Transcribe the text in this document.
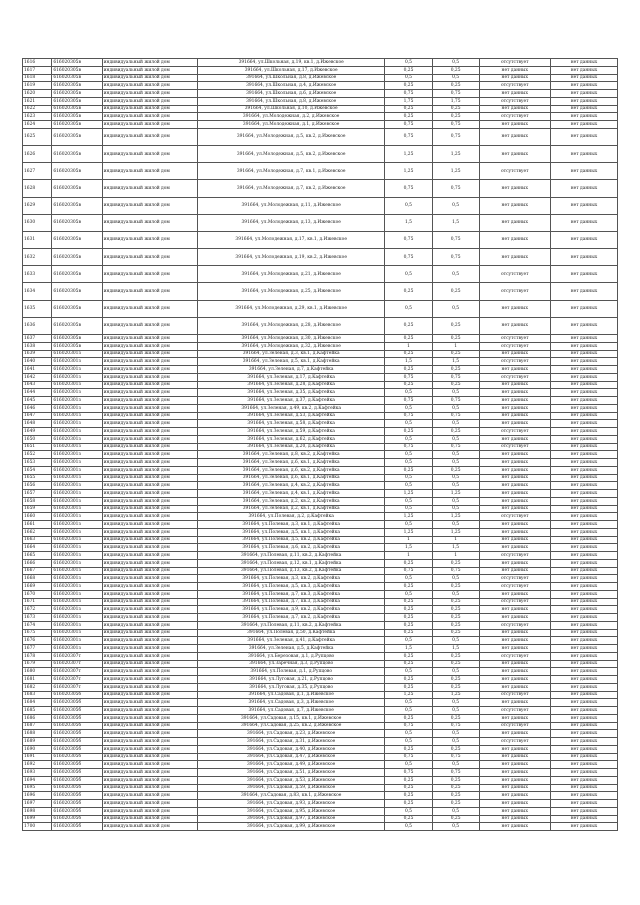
1616	616020305в	индивидуальный жилой дом	391664, ул.Школьная, д.19, кв.1, д.Ижевское	0,5	0,5	отсутствует	нет данных
1617	616020305в	индивидуальный жилой дом	391664, ул.Школьная, д.17, д.Ижевское	0,25	0,25	нет данных	нет данных
1618	616020305в	индивидуальный жилой дом	391664, ул.Школьная, д.8, д.Ижевское	0,5	0,5	нет данных	нет данных
1619	616020305в	индивидуальный жилой дом	391664, ул.Школьная, д.4, д.Ижевское	0,25	0,25	отсутствует	нет данных
1620	616020305в	индивидуальный жилой дом	391664, ул.Школьная, д.6, д.Ижевское	0,75	0,75	нет данных	нет данных
1621	616020305в	индивидуальный жилой дом	391664, ул.Школьная, д.8, д.Ижевское	1,75	1,75	отсутствует	нет данных
1622	616020305в	индивидуальный жилой дом	391664, ул.Школьная, д.10, д.Ижевское	0,25	0,25	нет данных	нет данных
1623	616020305в	индивидуальный жилой дом	391664, ул.Молодежная, д.2, д.Ижевское	0,25	0,25	отсутствует	нет данных
1624	616020305в	индивидуальный жилой дом	391664, ул.Молодежная, д.1, д.Ижевское	0,75	0,75	нет данных	нет данных
1625	616020305в	индивидуальный жилой дом	391664, ул.Молодежная, д.5, кв.2, д.Ижевское	0,75	0,75	нет данных	нет данных
1626	616020305в	индивидуальный жилой дом	391664, ул.Молодежная, д.5, кв.2, д.Ижевское	1,25	1,25	нет данных	нет данных
1627	616020305в	индивидуальный жилой дом	391664, ул.Молодежная, д.7, кв.1, д.Ижевское	1,25	1,25	отсутствует	нет данных
1628	616020305в	индивидуальный жилой дом	391664, ул.Молодежная, д.7, кв.2, д.Ижевское	0,75	0,75	нет данных	нет данных
1629	616020305в	индивидуальный жилой дом	391664, ул.Молодежная, д.11, д.Ижевское	0,5	0,5	нет данных	нет данных
1630	616020305в	индивидуальный жилой дом	391664, ул.Молодежная, д.13, д.Ижевское	1,5	1,5	нет данных	нет данных
1631	616020305в	индивидуальный жилой дом	391664, ул.Молодежная, д.17, кв.1, д.Ижевское	0,75	0,75	нет данных	нет данных
1632	616020305в	индивидуальный жилой дом	391664, ул.Молодежная, д.19, кв.2, д.Ижевское	0,75	0,75	нет данных	нет данных
1633	616020305в	индивидуальный жилой дом	391664, ул.Молодежная, д.21, д.Ижевское	0,5	0,5	отсутствует	нет данных
1634	616020305в	индивидуальный жилой дом	391664, ул.Молодежная, д.25, д.Ижевское	0,25	0,25	отсутствует	нет данных
1635	616020305в	индивидуальный жилой дом	391664, ул.Молодежная, д.29, кв.1, д.Ижевское	0,5	0,5	нет данных	нет данных
1636	616020305в	индивидуальный жилой дом	391664, ул.Молодежная, д.28, д.Ижевское	0,25	0,25	нет данных	нет данных
1637	616020305в	индивидуальный жилой дом	391664, ул.Молодежная, д.30, д.Ижевское	0,25	0,25	отсутствует	нет данных
1638	616020305в	индивидуальный жилой дом	391664, ул.Молодежная, д.32, д.Ижевское	1	1	отсутствует	нет данных
1639	616020301з	индивидуальный жилой дом	391664, ул.Зеленая, д.3, кв.1, д.Кафтейка	0,25	0,25	нет данных	нет данных
1640	616020301з	индивидуальный жилой дом	391664, ул.Зеленая, д.5, кв.1, д.Кафтейка	1,5	1,5	отсутствует	нет данных
1641	616020301з	индивидуальный жилой дом	391664, ул.Зеленая, д.7, д.Кафтейка	0,25	0,25	нет данных	нет данных
1642	616020301з	индивидуальный жилой дом	391664, ул.Зеленая, д.17, д.Кафтейка	0,75	0,75	отсутствует	нет данных
1643	616020301з	индивидуальный жилой дом	391664, ул.Зеленая, д.28, д.Кафтейка	0,25	0,25	нет данных	нет данных
1644	616020301з	индивидуальный жилой дом	391664, ул.Зеленая, д.35, д.Кафтейка	0,5	0,5	нет данных	нет данных
1645	616020301з	индивидуальный жилой дом	391664, ул.Зеленая, д.37, д.Кафтейка	0,75	0,75	нет данных	нет данных
1646	616020301з	индивидуальный жилой дом	391664, ул.Зеленая, д.49, кв.2, д.Кафтейка	0,5	0,5	нет данных	нет данных
1647	616020301з	индивидуальный жилой дом	391664, ул.Зеленая, д.53, д.Кафтейка	0,75	0,75	нет данных	нет данных
1648	616020301з	индивидуальный жилой дом	391664, ул.Зеленая, д.58, д.Кафтейка	0,5	0,5	нет данных	нет данных
1649	616020301з	индивидуальный жилой дом	391664, ул.Зеленая, д.59, д.Кафтейка	0,25	0,25	отсутствует	нет данных
1650	616020301з	индивидуальный жилой дом	391664, ул.Зеленая, д.62, д.Кафтейка	0,5	0,5	нет данных	нет данных
1651	616020301з	индивидуальный жилой дом	391664, ул.Зеленая, д.20, д.Кафтейка	0,75	0,75	отсутствует	нет данных
1652	616020301з	индивидуальный жилой дом	391664, ул.Зеленая, д.8, кв.2, д.Кафтейка	0,5	0,5	нет данных	нет данных
1653	616020301з	индивидуальный жилой дом	391664, ул.Зеленая, д.6, кв.1, д.Кафтейка	0,5	0,5	нет данных	нет данных
1654	616020301з	индивидуальный жилой дом	391664, ул.Зеленая, д.6, кв.2, д.Кафтейка	0,25	0,25	нет данных	нет данных
1655	616020301з	индивидуальный жилой дом	391664, ул.Зеленая, д.6, кв.1, д.Кафтейка	0,5	0,5	нет данных	нет данных
1656	616020301з	индивидуальный жилой дом	391664, ул.Зеленая, д.4, кв.2, д.Кафтейка	0,5	0,5	нет данных	нет данных
1657	616020301з	индивидуальный жилой дом	391664, ул.Зеленая, д.4, кв.1, д.Кафтейка	1,25	1,25	нет данных	нет данных
1658	616020301з	индивидуальный жилой дом	391664, ул.Зеленая, д.2, кв.2, д.Кафтейка	0,5	0,5	нет данных	нет данных
1659	616020301з	индивидуальный жилой дом	391664, ул.Зеленая, д.2, кв.1, д.Кафтейка	0,5	0,5	нет данных	нет данных
1660	616020301з	индивидуальный жилой дом	391664, ул.Полевая, д.2, д.Кафтейка	1,25	1,25	отсутствует	нет данных
1661	616020301з	индивидуальный жилой дом	391664, ул.Полевая, д.3, кв.1, д.Кафтейка	0,5	0,5	нет данных	нет данных
1662	616020301з	индивидуальный жилой дом	391664, ул.Полевая, д.5, кв.1, д.Кафтейка	1,25	1,25	нет данных	нет данных
1663	616020301з	индивидуальный жилой дом	391664, ул.Полевая, д.5, кв.2, д.Кафтейка	1	1	нет данных	нет данных
1664	616020301з	индивидуальный жилой дом	391664, ул.Полевая, д.6, кв.2, д.Кафтейка	1,5	1,5	нет данных	нет данных
1665	616020301з	индивидуальный жилой дом	391664, ул.Полевая, д.11, кв.2, д.Кафтейка	1	1	отсутствует	нет данных
1666	616020301з	индивидуальный жилой дом	391664, ул.Полевая, д.12, кв.1, д.Кафтейка	0,25	0,25	нет данных	нет данных
1667	616020301з	индивидуальный жилой дом	391664, ул.Полевая, д.13, кв.2, д.Кафтейка	0,75	0,75	нет данных	нет данных
1668	616020301з	индивидуальный жилой дом	391664, ул.Полевая, д.3, кв.2, д.Кафтейка	0,5	0,5	отсутствует	нет данных
1669	616020301з	индивидуальный жилой дом	391664, ул.Полевая, д.5, кв.3, д.Кафтейка	0,25	0,25	отсутствует	нет данных
1670	616020301з	индивидуальный жилой дом	391664, ул.Полевая, д.7, кв.3, д.Кафтейка	0,5	0,5	нет данных	нет данных
1671	616020301з	индивидуальный жилой дом	391664, ул.Полевая, д.7, кв.3, д.Кафтейка	0,25	0,25	отсутствует	нет данных
1672	616020301з	индивидуальный жилой дом	391664, ул.Полевая, д.9, кв.2, д.Кафтейка	0,25	0,25	нет данных	нет данных
1673	616020301з	индивидуальный жилой дом	391664, ул.Полевая, д.7, кв.2, д.Кафтейка	0,25	0,25	нет данных	нет данных
1674	616020301з	индивидуальный жилой дом	391664, ул.Полевая, д.11, кв.2, д.Кафтейка	0,25	0,25	отсутствует	нет данных
1675	616020301з	индивидуальный жилой дом	391664, ул.Полевая, д.50, д.Кафтейка	0,25	0,25	нет данных	нет данных
1676	616020301з	индивидуальный жилой дом	391664, ул.Зеленая, д.41, д.Кафтейка	0,5	0,5	нет данных	нет данных
1677	616020301з	индивидуальный жилой дом	391664, ул.Зеленая, д.5, д.Кафтейка	1,5	1,5	нет данных	нет данных
1678	616020307т	индивидуальный жилой дом	391664, ул.Березовая, д.1, д.Рупцово	0,25	0,25	отсутствует	нет данных
1679	616020307т	индивидуальный жилой дом	391664, ул.Заречная, д.3, д.Рупцово	0,25	0,25	нет данных	нет данных
1680	616020307т	индивидуальный жилой дом	391664, ул.Полевая, д.1, д.Рупцово	0,5	0,5	нет данных	нет данных
1681	616020307т	индивидуальный жилой дом	391664, ул.Луговая, д.21, д.Рупцово	0,25	0,25	нет данных	нет данных
1682	616020307т	индивидуальный жилой дом	391664, ул.Луговая, д.35, д.Рупцово	0,25	0,25	нет данных	нет данных
1683	616020305б	индивидуальный жилой дом	391664, ул.Садовая, д.1, д.Ижевское	1,25	1,25	отсутствует	нет данных
1684	616020305б	индивидуальный жилой дом	391664, ул.Садовая, д.3, д.Ижевское	0,5	0,5	нет данных	нет данных
1685	616020305б	индивидуальный жилой дом	391664, ул.Садовая, д.7, д.Ижевское	0,5	0,5	отсутствует	нет данных
1686	616020305б	индивидуальный жилой дом	391664, ул.Садовая, д.15, кв.1, д.Ижевское	0,25	0,25	нет данных	нет данных
1687	616020305б	индивидуальный жилой дом	391664, ул.Садовая, д.25, кв.2, д.Ижевское	0,75	0,75	отсутствует	нет данных
1688	616020305б	индивидуальный жилой дом	391664, ул.Садовая, д.23, д.Ижевское	0,5	0,5	нет данных	нет данных
1689	616020305б	индивидуальный жилой дом	391664, ул.Садовая, д.31, д.Ижевское	0,5	0,5	отсутствует	нет данных
1690	616020305б	индивидуальный жилой дом	391664, ул.Садовая, д.40, д.Ижевское	0,25	0,25	нет данных	нет данных
1691	616020305б	индивидуальный жилой дом	391664, ул.Садовая, д.47, д.Ижевское	0,75	0,75	нет данных	нет данных
1692	616020305б	индивидуальный жилой дом	391664, ул.Садовая, д.49, д.Ижевское	0,5	0,5	нет данных	нет данных
1693	616020305б	индивидуальный жилой дом	391664, ул.Садовая, д.51, д.Ижевское	0,75	0,75	нет данных	нет данных
1694	616020305б	индивидуальный жилой дом	391664, ул.Садовая, д.53, д.Ижевское	0,25	0,25	нет данных	нет данных
1695	616020305б	индивидуальный жилой дом	391664, ул.Садовая, д.59, д.Ижевское	0,25	0,25	нет данных	нет данных
1696	616020305б	индивидуальный жилой дом	391664, ул.Садовая, д.83, кв.1, д.Ижевское	0,25	0,25	нет данных	нет данных
1697	616020305б	индивидуальный жилой дом	391664, ул.Садовая, д.93, д.Ижевское	0,25	0,25	нет данных	нет данных
1698	616020305б	индивидуальный жилой дом	391664, ул.Садовая, д.95, д.Ижевское	0,5	0,5	нет данных	нет данных
1699	616020305б	индивидуальный жилой дом	391664, ул.Садовая, д.97, д.Ижевское	0,25	0,25	нет данных	нет данных
1700	616020305б	индивидуальный жилой дом	391664, ул.Садовая, д.99, д.Ижевское	0,5	0,5	нет данных	нет данных
